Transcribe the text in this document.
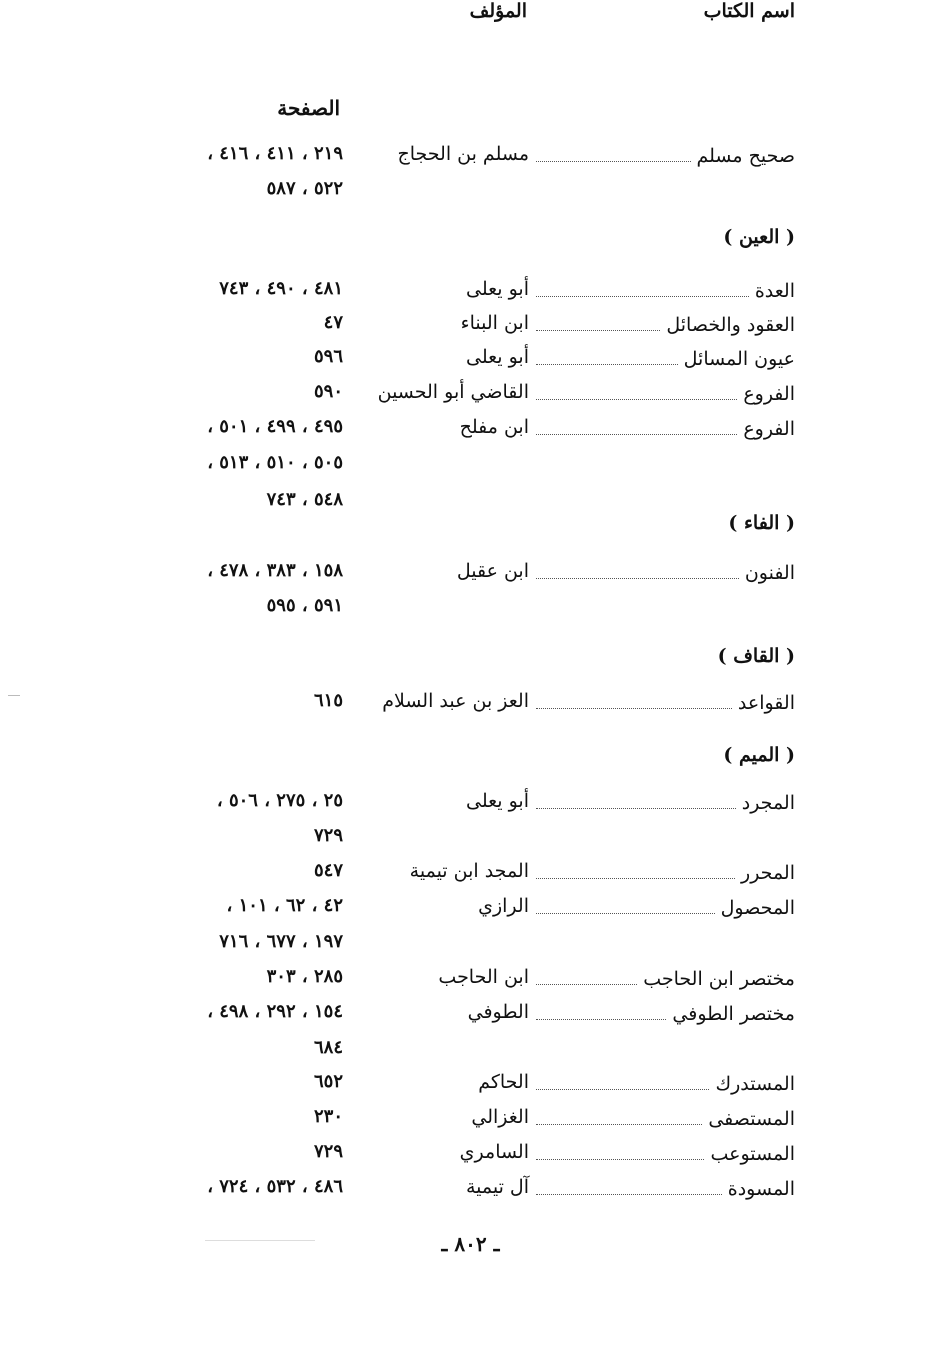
اسم الكتاب
المؤلف
الصفحة
صحيح مسلم
مسلم بن الحجاج
٢١٩ ، ٤١١ ، ٤١٦ ،
٥٢٢ ، ٥٨٧
( العين )
العدة
أبو يعلى
٤٨١ ، ٤٩٠ ، ٧٤٣
العقود والخصائل
ابن البناء
٤٧
عيون المسائل
أبو يعلى
٥٩٦
الفروع
القاضي أبو الحسين
٥٩٠
الفروع
ابن مفلح
٤٩٥ ، ٤٩٩ ، ٥٠١ ،
٥٠٥ ، ٥١٠ ، ٥١٣ ،
٥٤٨ ، ٧٤٣
( الفاء )
الفنون
ابن عقيل
١٥٨ ، ٣٨٣ ، ٤٧٨ ،
٥٩١ ، ٥٩٥
( القاف )
القواعد
العز بن عبد السلام
٦١٥
( الميم )
المجرد
أبو يعلى
٢٥ ، ٢٧٥ ، ٥٠٦ ،
٧٢٩
المحرر
المجد ابن تيمية
٥٤٧
المحصول
الرازي
٤٢ ، ٦٢ ، ١٠١ ،
١٩٧ ، ٦٧٧ ، ٧١٦
مختصر ابن الحاجب
ابن الحاجب
٢٨٥ ، ٣٠٣
مختصر الطوفي
الطوفي
١٥٤ ، ٢٩٢ ، ٤٩٨ ،
٦٨٤
المستدرك
الحاكم
٦٥٢
المستصفى
الغزالي
٢٣٠
المستوعب
السامري
٧٢٩
المسودة
آل تيمية
٤٨٦ ، ٥٣٢ ، ٧٢٤ ،
ـ ٨٠٢ ـ
